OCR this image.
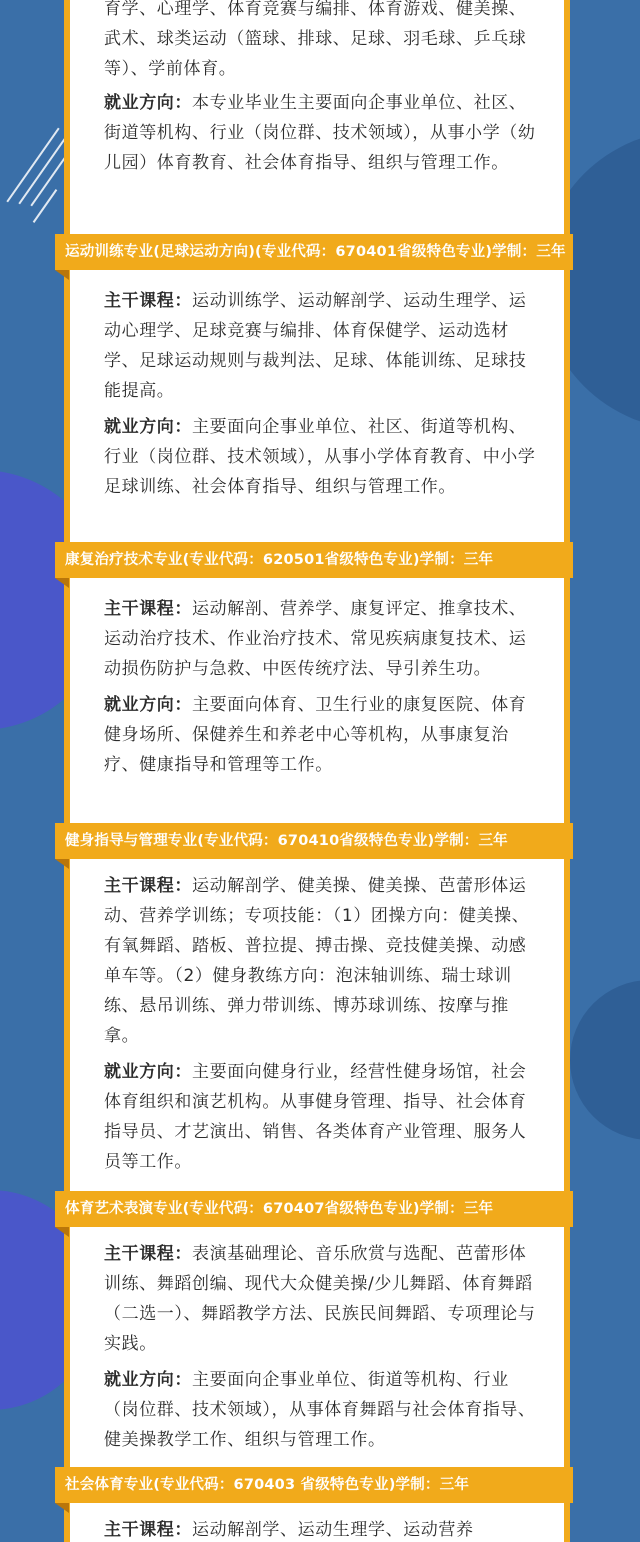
育学、心理学、体育竞赛与编排、体育游戏、健美操、武术、球类运动（篮球、排球、足球、羽毛球、乒乓球等）、学前体育。

就业方向：本专业毕业生主要面向企事业单位、社区、街道等机构、行业（岗位群、技术领域），从事小学（幼儿园）体育教育、社会体育指导、组织与管理工作。

运动训练专业(足球运动方向)(专业代码：670401省级特色专业)学制：三年

主干课程：运动训练学、运动解剖学、运动生理学、运动心理学、足球竞赛与编排、体育保健学、运动选材学、足球运动规则与裁判法、足球、体能训练、足球技能提高。

就业方向：主要面向企事业单位、社区、街道等机构、行业（岗位群、技术领域），从事小学体育教育、中小学足球训练、社会体育指导、组织与管理工作。

康复治疗技术专业(专业代码：620501省级特色专业)学制：三年

主干课程：运动解剖、营养学、康复评定、推拿技术、运动治疗技术、作业治疗技术、常见疾病康复技术、运动损伤防护与急救、中医传统疗法、导引养生功。

就业方向：主要面向体育、卫生行业的康复医院、体育健身场所、保健养生和养老中心等机构，从事康复治疗、健康指导和管理等工作。

健身指导与管理专业(专业代码：670410省级特色专业)学制：三年

主干课程：运动解剖学、健美操、健美操、芭蕾形体运动、营养学训练；专项技能：（1）团操方向：健美操、有氧舞蹈、踏板、普拉提、搏击操、竞技健美操、动感单车等。（2）健身教练方向：泡沫轴训练、瑞士球训练、悬吊训练、弹力带训练、博苏球训练、按摩与推拿。

就业方向：主要面向健身行业，经营性健身场馆，社会体育组织和演艺机构。从事健身管理、指导、社会体育指导员、才艺演出、销售、各类体育产业管理、服务人员等工作。

体育艺术表演专业(专业代码：670407省级特色专业)学制：三年

主干课程：表演基础理论、音乐欣赏与选配、芭蕾形体训练、舞蹈创编、现代大众健美操/少儿舞蹈、体育舞蹈（二选一）、舞蹈教学方法、民族民间舞蹈、专项理论与实践。

就业方向：主要面向企事业单位、街道等机构、行业（岗位群、技术领域），从事体育舞蹈与社会体育指导、健美操教学工作、组织与管理工作。

社会体育专业(专业代码：670403 省级特色专业)学制：三年

主干课程：运动解剖学、运动生理学、运动营养
